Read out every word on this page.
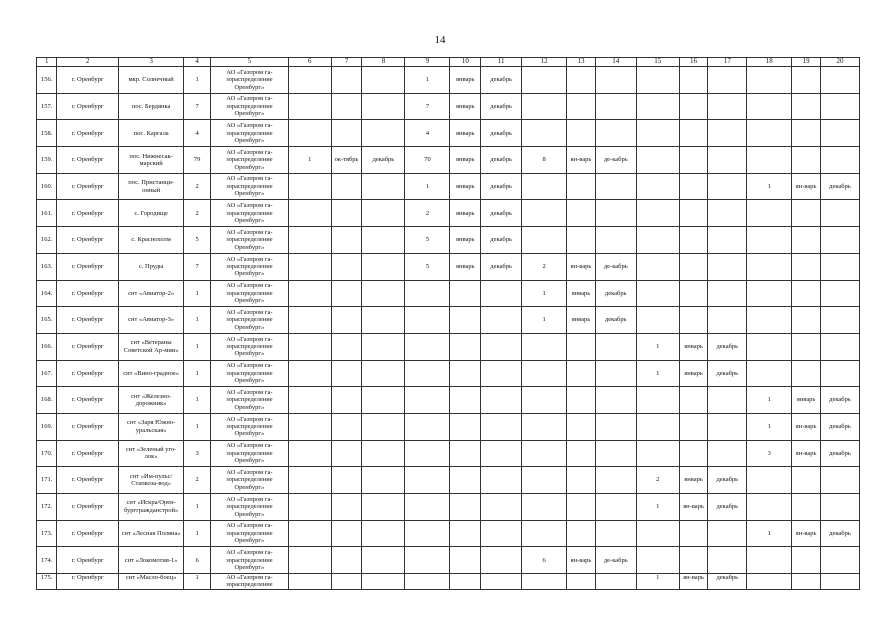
14
1	2	3	4	5	6	7	8	9	10	11	12	13	14	15	16	17	18	19	20
156.	г. Оренбург	мкр. Солнечный	1	АО «Газпром га-зораспределение Оренбург»				1	январь	декабрь									
157.	г. Оренбург	пос. Бердянка	7	АО «Газпром га-зораспределение Оренбург»				7	январь	декабрь									
158.	г. Оренбург	пос. Каргала	4	АО «Газпром га-зораспределение Оренбург»				4	январь	декабрь									
159.	г. Оренбург	пос. Нижнесак-марский	79	АО «Газпром га-зораспределение Оренбург»	1	ок-тябрь	декабрь	70	январь	декабрь	8	ян-варь	де-кабрь						
160.	г. Оренбург	пос. Пристанци-онный	2	АО «Газпром га-зораспределение Оренбург»				1	январь	декабрь							1	ян-варь	декабрь
161.	г. Оренбург	с. Городище	2	АО «Газпром га-зораспределение Оренбург»				2	январь	декабрь									
162.	г. Оренбург	с. Краснохолм	5	АО «Газпром га-зораспределение Оренбург»				5	январь	декабрь									
163.	г. Оренбург	с. Пруды	7	АО «Газпром га-зораспределение Оренбург»				5	январь	декабрь	2	ян-варь	де-кабрь						
164.	г. Оренбург	снт «Авиатор-2»	1	АО «Газпром га-зораспределение Оренбург»							1	январь	декабрь						
165.	г. Оренбург	снт «Авиатор-3»	1	АО «Газпром га-зораспределение Оренбург»							1	январь	декабрь						
166.	г. Оренбург	снт «Ветераны Советской Ар-мии»	1	АО «Газпром га-зораспределение Оренбург»										1	январь	декабрь			
167.	г. Оренбург	снт «Вино-градное»	1	АО «Газпром га-зораспределение Оренбург»										1	январь	декабрь			
168.	г. Оренбург	снт «Железно-дорожник»	1	АО «Газпром га-зораспределение Оренбург»													1	январь	декабрь
169.	г. Оренбург	снт «Заря Южно-уральская»	1	АО «Газпром га-зораспределение Оренбург»													1	ян-варь	декабрь
170.	г. Оренбург	снт «Зеленый уго-лок»	3	АО «Газпром га-зораспределение Оренбург»													3	ян-варь	декабрь
171.	г. Оренбург	снт «Им-пульс/Стапкоза-вод»	2	АО «Газпром га-зораспределение Оренбург»										2	январь	декабрь			
172.	г. Оренбург	снт «Искра/Орен-бурггражданстрой»	1	АО «Газпром га-зораспределение Оренбург»										1	ян-варь	декабрь			
173.	г. Оренбург	снт «Лесная Поляна»	1	АО «Газпром га-зораспределение Оренбург»													1	ян-варь	декабрь
174.	г. Оренбург	снт «Локомотив-1»	6	АО «Газпром га-зораспределение Оренбург»							6	ян-варь	де-кабрь						
175.	г. Оренбург	снт «Масло-боец»	1	АО «Газпром га-зораспределение										1	ян-варь	декабрь			
